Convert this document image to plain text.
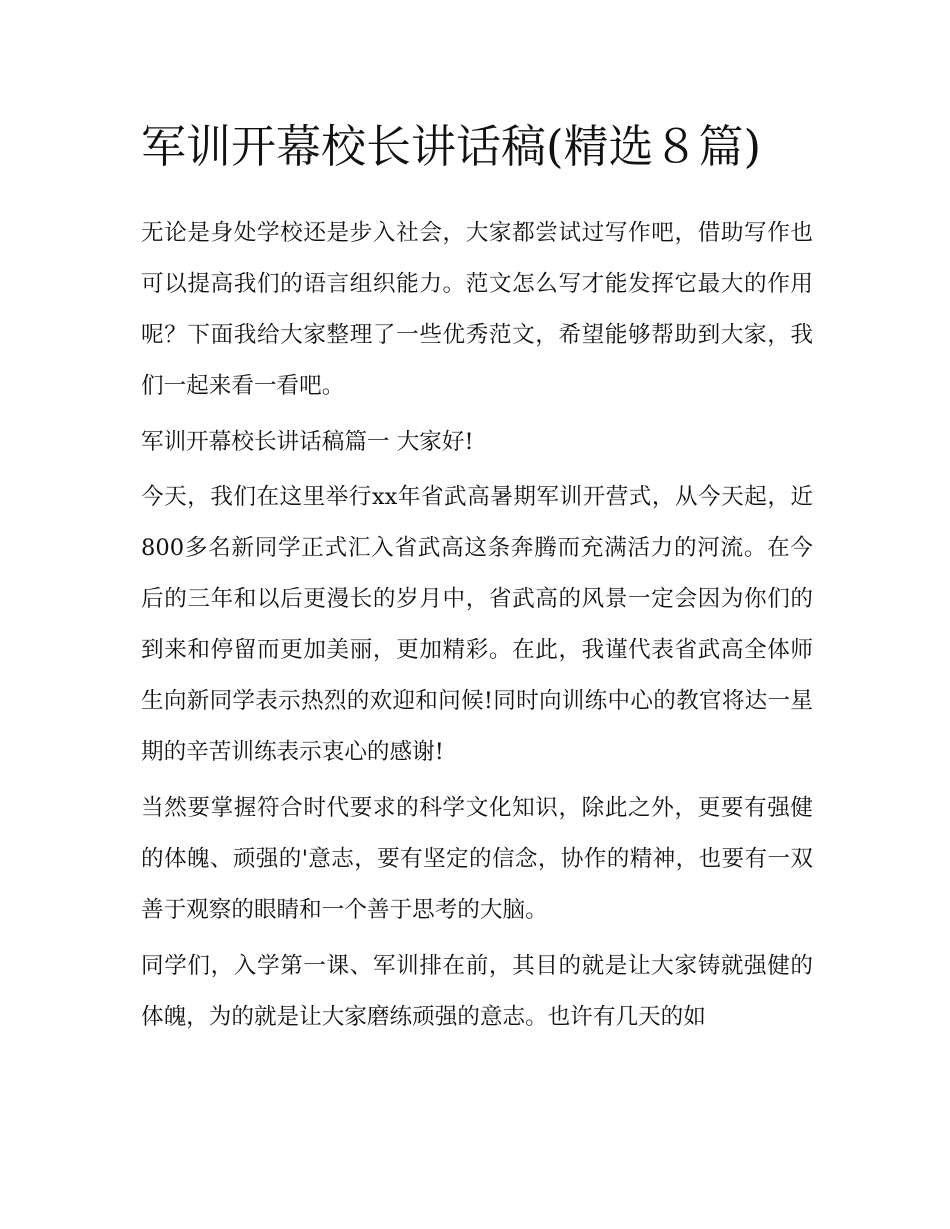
军训开幕校长讲话稿(精选８篇)

无论是身处学校还是步入社会，大家都尝试过写作吧，借助写作也可以提高我们的语言组织能力。范文怎么写才能发挥它最大的作用呢？下面我给大家整理了一些优秀范文，希望能够帮助到大家，我们一起来看一看吧。

军训开幕校长讲话稿篇一 大家好!

今天，我们在这里举行xx年省武高暑期军训开营式，从今天起，近800多名新同学正式汇入省武高这条奔腾而充满活力的河流。在今后的三年和以后更漫长的岁月中，省武高的风景一定会因为你们的到来和停留而更加美丽，更加精彩。在此，我谨代表省武高全体师生向新同学表示热烈的欢迎和问候!同时向训练中心的教官将达一星期的辛苦训练表示衷心的感谢!

当然要掌握符合时代要求的科学文化知识，除此之外，更要有强健的体魄、顽强的'意志，要有坚定的信念，协作的精神，也要有一双善于观察的眼睛和一个善于思考的大脑。

同学们，入学第一课、军训排在前，其目的就是让大家铸就强健的体魄，为的就是让大家磨练顽强的意志。也许有几天的如
